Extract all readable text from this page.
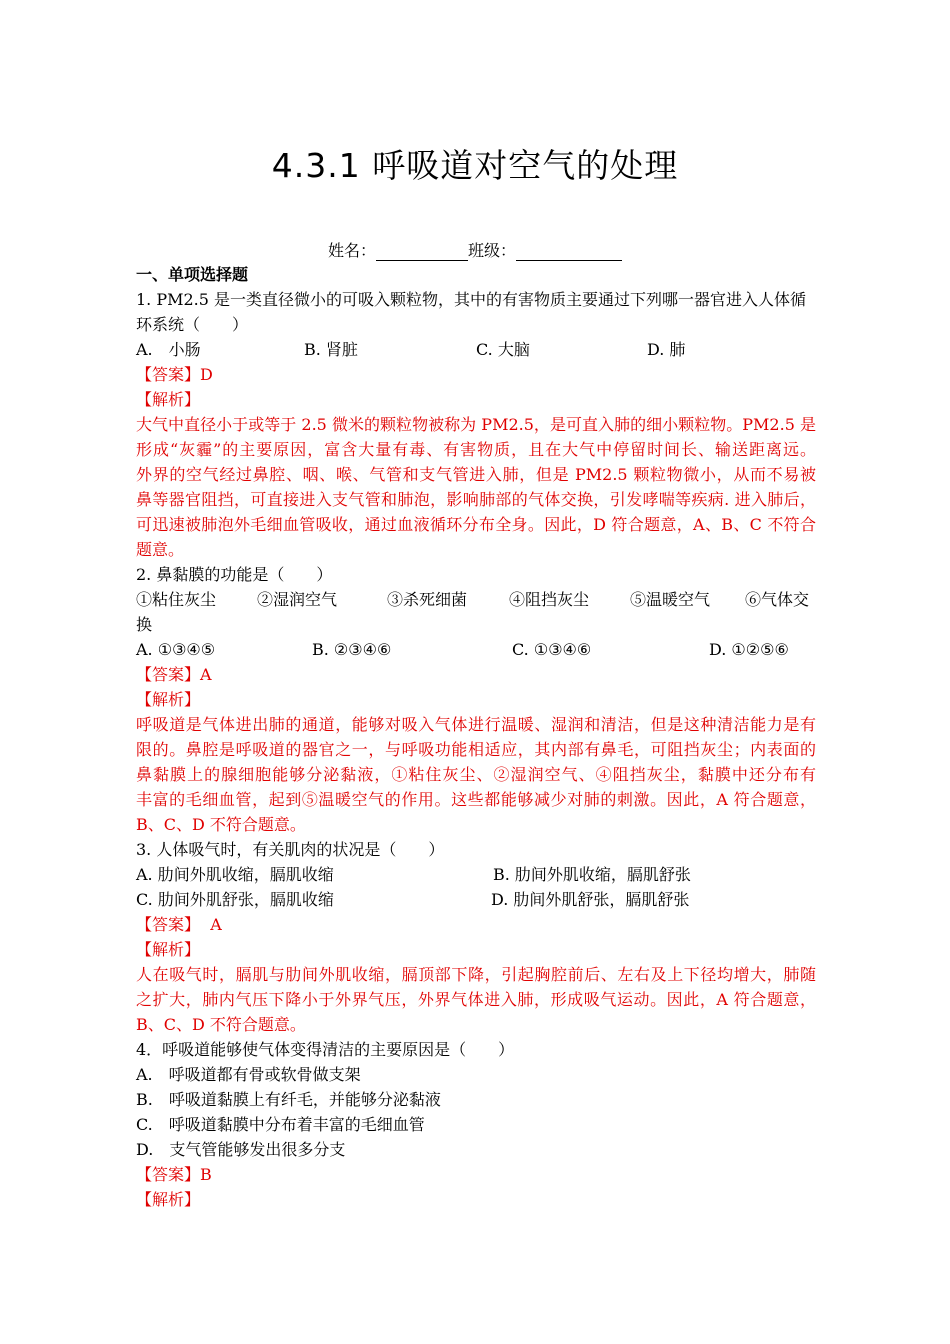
4.3.1 呼吸道对空气的处理
姓名：	班级：
一、单项选择题
1. PM2.5 是一类直径微小的可吸入颗粒物，其中的有害物质主要通过下列哪一器官进入人体循
环系统（　　）
A.　小肠	B. 肾脏	C. 大脑	D. 肺
【答案】D
【解析】
大气中直径小于或等于 2.5 微米的颗粒物被称为 PM2.5，是可直入肺的细小颗粒物。PM2.5 是
形成“灰霾”的主要原因，富含大量有毒、有害物质，且在大气中停留时间长、输送距离远。
外界的空气经过鼻腔、咽、喉、气管和支气管进入肺，但是 PM2.5 颗粒物微小，从而不易被
鼻等器官阻挡，可直接进入支气管和肺泡，影响肺部的气体交换，引发哮喘等疾病. 进入肺后，
可迅速被肺泡外毛细血管吸收，通过血液循环分布全身。因此，D 符合题意，A、B、C 不符合
题意。
2. 鼻黏膜的功能是（　　）
①粘住灰尘	②湿润空气	③杀死细菌	④阻挡灰尘	⑤温暖空气 ⑥气体交
换
A. ①③④⑤	B. ②③④⑥	C. ①③④⑥	D. ①②⑤⑥
【答案】A
【解析】
呼吸道是气体进出肺的通道，能够对吸入气体进行温暖、湿润和清洁，但是这种清洁能力是有
限的。鼻腔是呼吸道的器官之一，与呼吸功能相适应，其内部有鼻毛，可阻挡灰尘；内表面的
鼻黏膜上的腺细胞能够分泌黏液，①粘住灰尘、②湿润空气、④阻挡灰尘，黏膜中还分布有
丰富的毛细血管，起到⑤温暖空气的作用。这些都能够减少对肺的刺激。因此，A 符合题意，
B、C、D 不符合题意。
3. 人体吸气时，有关肌肉的状况是（　　）
A. 肋间外肌收缩，膈肌收缩	B. 肋间外肌收缩，膈肌舒张
C. 肋间外肌舒张，膈肌收缩	D. 肋间外肌舒张，膈肌舒张
【答案】  A
【解析】
人在吸气时，膈肌与肋间外肌收缩，膈顶部下降，引起胸腔前后、左右及上下径均增大，肺随
之扩大，肺内气压下降小于外界气压，外界气体进入肺，形成吸气运动。因此，A 符合题意，
B、C、D 不符合题意。
4．呼吸道能够使气体变得清洁的主要原因是（　　）
A.　呼吸道都有骨或软骨做支架
B.　呼吸道黏膜上有纤毛，并能够分泌黏液
C.　呼吸道黏膜中分布着丰富的毛细血管
D.　支气管能够发出很多分支
【答案】B
【解析】
